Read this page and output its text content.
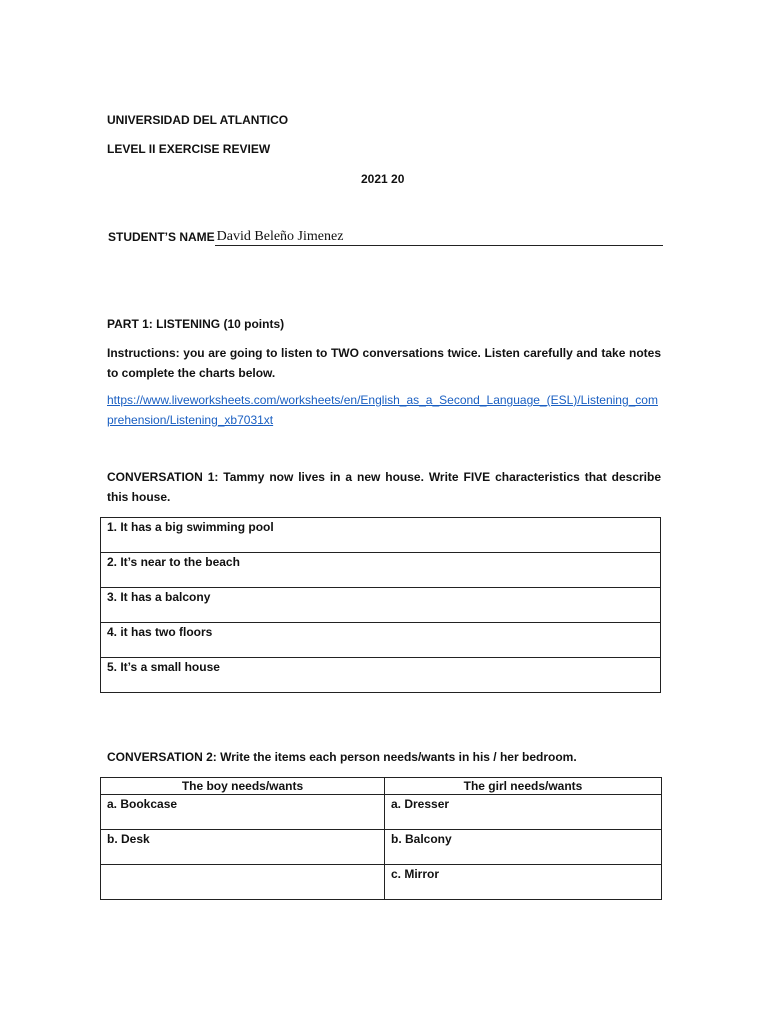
UNIVERSIDAD DEL ATLANTICO
LEVEL II EXERCISE REVIEW
2021 20
STUDENT’S NAME David Beleño Jimenez
PART 1: LISTENING (10 points)
Instructions: you are going to listen to TWO conversations twice. Listen carefully and take notes to complete the charts below.
https://www.liveworksheets.com/worksheets/en/English_as_a_Second_Language_(ESL)/Listening_comprehension/Listening_xb7031xt
CONVERSATION 1: Tammy now lives in a new house. Write FIVE characteristics that describe this house.
1. It has a big swimming pool
2. It’s near to the beach
3. It has a balcony
4. it has two floors
5. It’s a small house
CONVERSATION 2: Write the items each person needs/wants in his / her bedroom.
The boy needs/wants	The girl needs/wants
a. Bookcase	a. Dresser
b. Desk	b. Balcony
	c. Mirror
